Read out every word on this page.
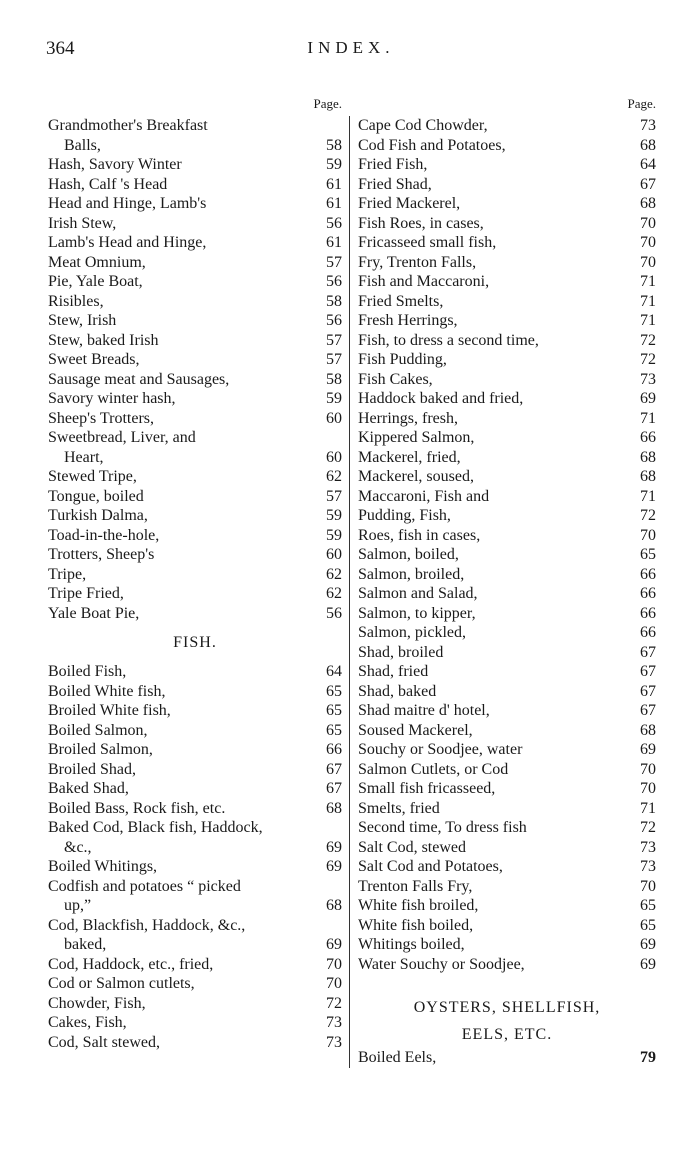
364	INDEX.
Page.
Grandmother's Breakfast
Balls,	58
Hash, Savory Winter	59
Hash, Calf 's Head	61
Head and Hinge, Lamb's	61
Irish Stew,	56
Lamb's Head and Hinge,	61
Meat Omnium,	57
Pie, Yale Boat,	56
Risibles,	58
Stew, Irish	56
Stew, baked Irish	57
Sweet Breads,	57
Sausage meat and Sausages,	58
Savory winter hash,	59
Sheep's Trotters,	60
Sweetbread, Liver, and
Heart,	60
Stewed Tripe,	62
Tongue, boiled	57
Turkish Dalma,	59
Toad-in-the-hole,	59
Trotters, Sheep's	60
Tripe,	62
Tripe Fried,	62
Yale Boat Pie,	56
FISH.
Boiled Fish,	64
Boiled White fish,	65
Broiled White fish,	65
Boiled Salmon,	65
Broiled Salmon,	66
Broiled Shad,	67
Baked Shad,	67
Boiled Bass, Rock fish, etc.	68
Baked Cod, Black fish, Haddock,
&c.,	69
Boiled Whitings,	69
Codfish and potatoes “ picked
up,”	68
Cod, Blackfish, Haddock, &c.,
baked,	69
Cod, Haddock, etc., fried,	70
Cod or Salmon cutlets,	70
Chowder, Fish,	72
Cakes, Fish,	73
Cod, Salt stewed,	73
Page.
Cape Cod Chowder,	73
Cod Fish and Potatoes,	68
Fried Fish,	64
Fried Shad,	67
Fried Mackerel,	68
Fish Roes, in cases,	70
Fricasseed small fish,	70
Fry, Trenton Falls,	70
Fish and Maccaroni,	71
Fried Smelts,	71
Fresh Herrings,	71
Fish, to dress a second time,	72
Fish Pudding,	72
Fish Cakes,	73
Haddock baked and fried,	69
Herrings, fresh,	71
Kippered Salmon,	66
Mackerel, fried,	68
Mackerel, soused,	68
Maccaroni, Fish and	71
Pudding, Fish,	72
Roes, fish in cases,	70
Salmon, boiled,	65
Salmon, broiled,	66
Salmon and Salad,	66
Salmon, to kipper,	66
Salmon, pickled,	66
Shad, broiled	67
Shad, fried	67
Shad, baked	67
Shad maitre d' hotel,	67
Soused Mackerel,	68
Souchy or Soodjee, water	69
Salmon Cutlets, or Cod	70
Small fish fricasseed,	70
Smelts, fried	71
Second time, To dress fish	72
Salt Cod, stewed	73
Salt Cod and Potatoes,	73
Trenton Falls Fry,	70
White fish broiled,	65
White fish boiled,	65
Whitings boiled,	69
Water Souchy or Soodjee,	69
OYSTERS, SHELLFISH,
EELS, ETC.
Boiled Eels,	79
